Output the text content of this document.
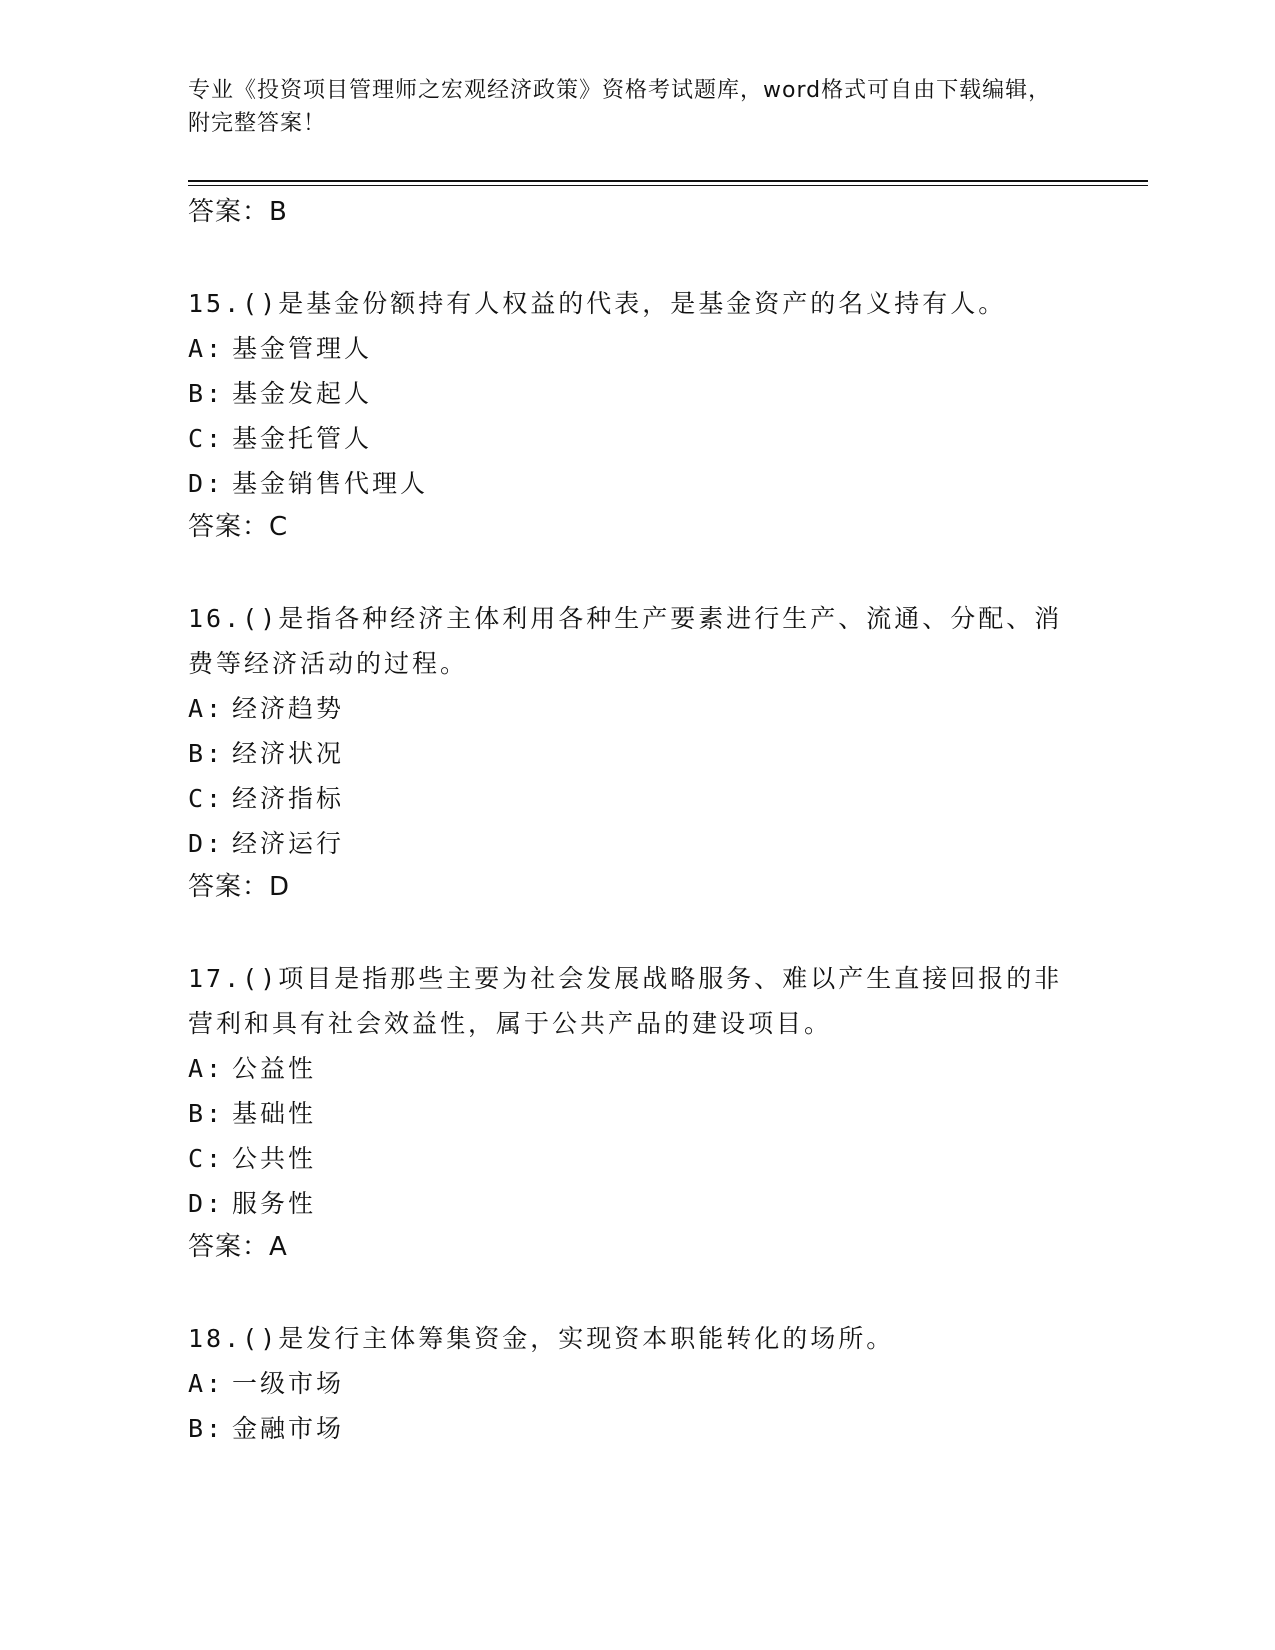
专业《投资项目管理师之宏观经济政策》资格考试题库，word格式可自由下载编辑，附完整答案！
答案：B
15.()是基金份额持有人权益的代表，是基金资产的名义持有人。
A: 基金管理人
B: 基金发起人
C: 基金托管人
D: 基金销售代理人
答案：C
16.()是指各种经济主体利用各种生产要素进行生产、流通、分配、消费等经济活动的过程。
A: 经济趋势
B: 经济状况
C: 经济指标
D: 经济运行
答案：D
17.()项目是指那些主要为社会发展战略服务、难以产生直接回报的非营利和具有社会效益性，属于公共产品的建设项目。
A: 公益性
B: 基础性
C: 公共性
D: 服务性
答案：A
18.()是发行主体筹集资金，实现资本职能转化的场所。
A: 一级市场
B: 金融市场
